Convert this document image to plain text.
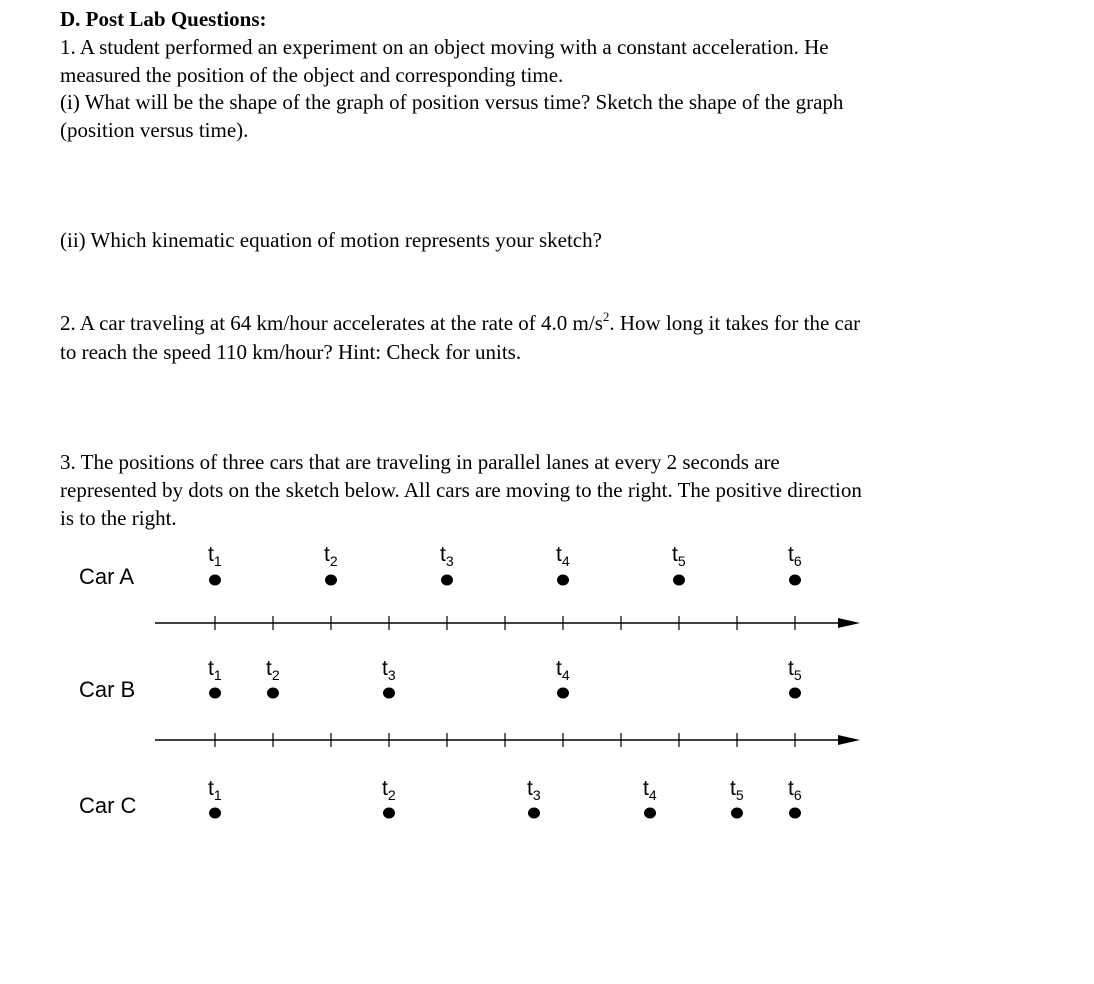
D. Post Lab Questions:
1. A student performed an experiment on an object moving with a constant acceleration. He
measured the position of the object and corresponding time.
(i) What will be the shape of the graph of position versus time? Sketch the shape of the graph
(position versus time).
(ii) Which kinematic equation of motion represents your sketch?
2. A car traveling at 64 km/hour accelerates at the rate of 4.0 $m/s^2$. How long it takes for the car
to reach the speed 110 km/hour? Hint: Check for units.
3. The positions of three cars that are traveling in parallel lanes at every 2 seconds are
represented by dots on the sketch below. All cars are moving to the right. The positive direction
is to the right.
Car A
$t_1$	$t_2$	$t_3$	$t_4$	$t_5$	$t_6$
Car B
$t_1$ $t_2$	$t_3$	$t_4$	$t_5$
Car C
$t_1$	$t_2$	$t_3$	$t_4$	$t_5$ $t_6$
